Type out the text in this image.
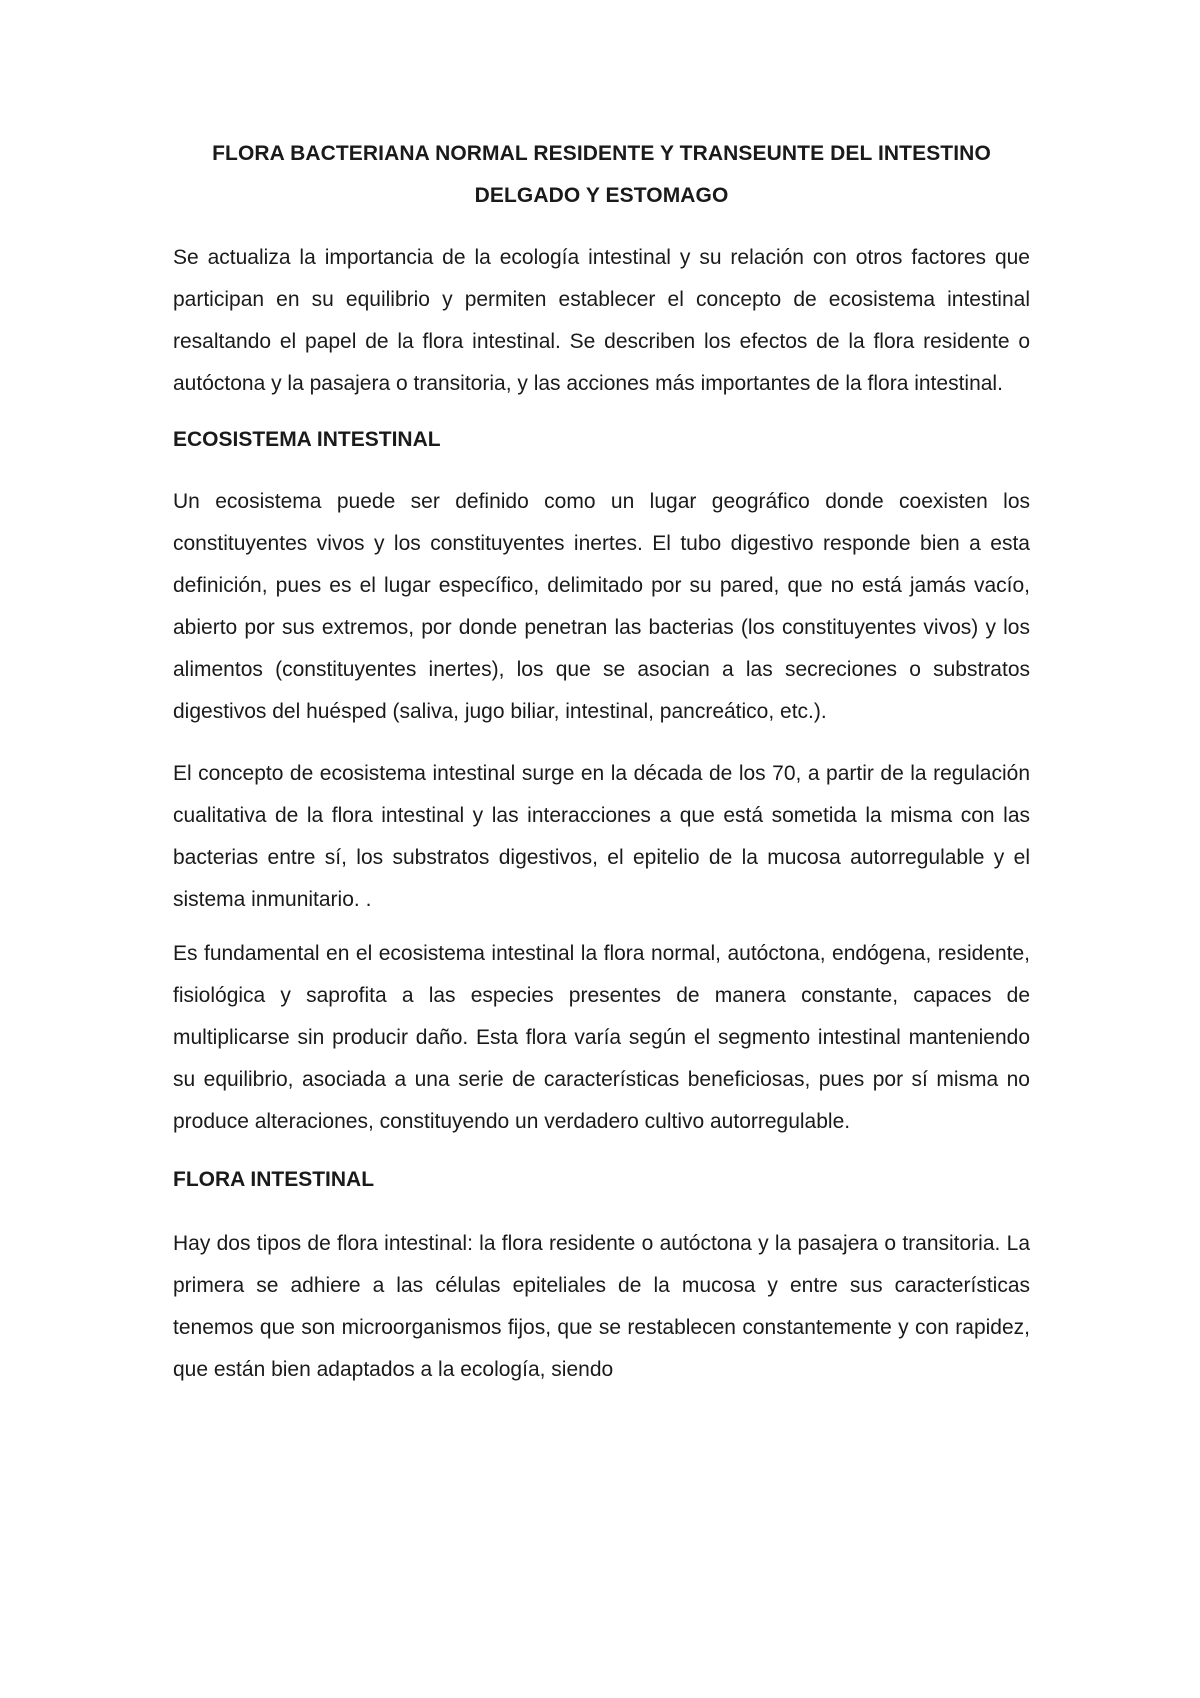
FLORA BACTERIANA NORMAL RESIDENTE Y TRANSEUNTE DEL INTESTINO DELGADO Y ESTOMAGO

Se actualiza la importancia de la ecología intestinal y su relación con otros factores que participan en su equilibrio y permiten establecer el concepto de ecosistema intestinal resaltando el papel de la flora intestinal. Se describen los efectos de la flora residente o autóctona y la pasajera o transitoria, y las acciones más importantes de la flora intestinal.

ECOSISTEMA INTESTINAL

Un ecosistema puede ser definido como un lugar geográfico donde coexisten los constituyentes vivos y los constituyentes inertes. El tubo digestivo responde bien a esta definición, pues es el lugar específico, delimitado por su pared, que no está jamás vacío, abierto por sus extremos, por donde penetran las bacterias (los constituyentes vivos) y los alimentos (constituyentes inertes), los que se asocian a las secreciones o substratos digestivos del huésped (saliva, jugo biliar, intestinal, pancreático, etc.).

El concepto de ecosistema intestinal surge en la década de los 70, a partir de la regulación cualitativa de la flora intestinal y las interacciones a que está sometida la misma con las bacterias entre sí, los substratos digestivos, el epitelio de la mucosa autorregulable y el sistema inmunitario. .

Es fundamental en el ecosistema intestinal la flora normal, autóctona, endógena, residente, fisiológica y saprofita a las especies presentes de manera constante, capaces de multiplicarse sin producir daño. Esta flora varía según el segmento intestinal manteniendo su equilibrio, asociada a una serie de características beneficiosas, pues por sí misma no produce alteraciones, constituyendo un verdadero cultivo autorregulable.

FLORA INTESTINAL

Hay dos tipos de flora intestinal: la flora residente o autóctona y la pasajera o transitoria. La primera se adhiere a las células epiteliales de la mucosa y entre sus características tenemos que son microorganismos fijos, que se restablecen constantemente y con rapidez, que están bien adaptados a la ecología, siendo
